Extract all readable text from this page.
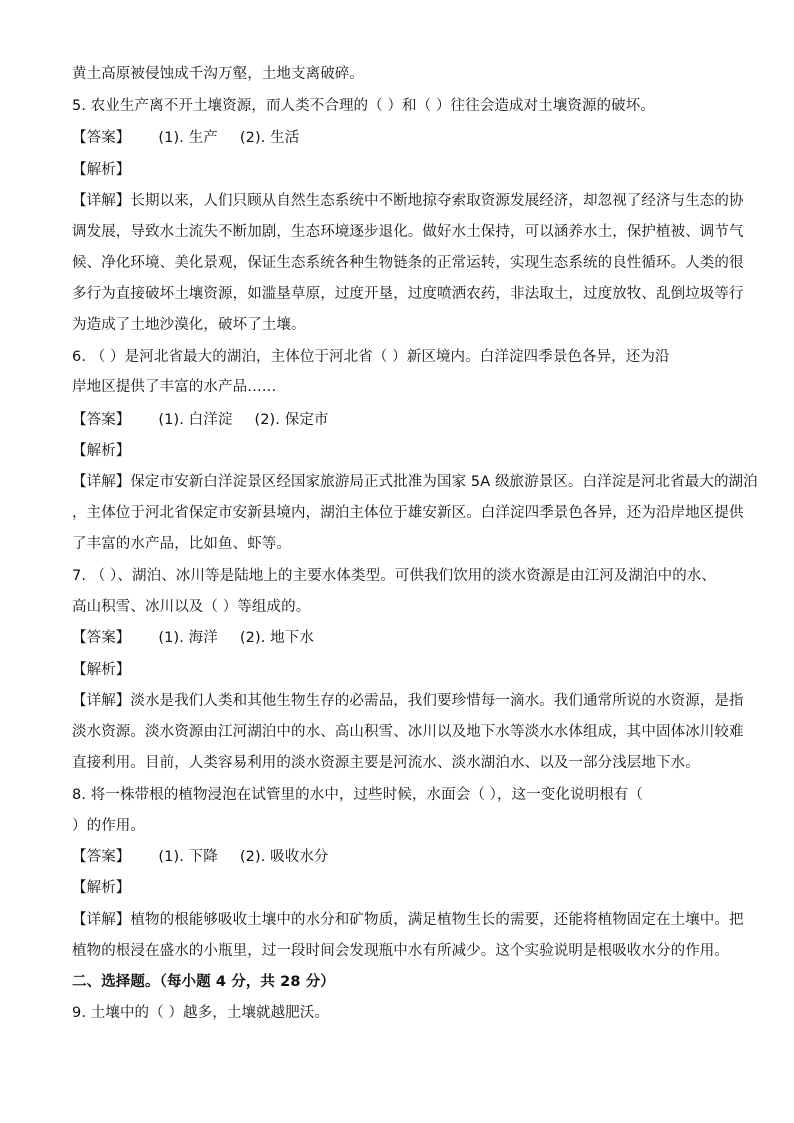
黄土高原被侵蚀成千沟万壑，土地支离破碎。
5. 农业生产离不开土壤资源，而人类不合理的（ ）和（ ）往往会造成对土壤资源的破坏。
【答案】 (1). 生产 (2). 生活
【解析】
【详解】长期以来，人们只顾从自然生态系统中不断地掠夺索取资源发展经济，却忽视了经济与生态的协
调发展，导致水土流失不断加剧，生态环境逐步退化。做好水土保持，可以涵养水土，保护植被、调节气
候、净化环境、美化景观，保证生态系统各种生物链条的正常运转，实现生态系统的良性循环。人类的很
多行为直接破坏土壤资源，如滥垦草原，过度开垦，过度喷洒农药，非法取土，过度放牧、乱倒垃圾等行
为造成了土地沙漠化，破坏了土壤。
6. （ ）是河北省最大的湖泊，主体位于河北省（ ）新区境内。白洋淀四季景色各异，还为沿
岸地区提供了丰富的水产品……
【答案】 (1). 白洋淀 (2). 保定市
【解析】
【详解】保定市安新白洋淀景区经国家旅游局正式批准为国家 5A 级旅游景区。白洋淀是河北省最大的湖泊
，主体位于河北省保定市安新县境内，湖泊主体位于雄安新区。白洋淀四季景色各异，还为沿岸地区提供
了丰富的水产品，比如鱼、虾等。
7. （ ）、湖泊、冰川等是陆地上的主要水体类型。可供我们饮用的淡水资源是由江河及湖泊中的水、
高山积雪、冰川以及（ ）等组成的。
【答案】 (1). 海洋 (2). 地下水
【解析】
【详解】淡水是我们人类和其他生物生存的必需品，我们要珍惜每一滴水。我们通常所说的水资源，是指
淡水资源。淡水资源由江河湖泊中的水、高山积雪、冰川以及地下水等淡水水体组成，其中固体冰川较难
直接利用。目前，人类容易利用的淡水资源主要是河流水、淡水湖泊水、以及一部分浅层地下水。
8. 将一株带根的植物浸泡在试管里的水中，过些时候，水面会（ ），这一变化说明根有（
）的作用。
【答案】 (1). 下降 (2). 吸收水分
【解析】
【详解】植物的根能够吸收土壤中的水分和矿物质，满足植物生长的需要，还能将植物固定在土壤中。把
植物的根浸在盛水的小瓶里，过一段时间会发现瓶中水有所减少。这个实验说明是根吸收水分的作用。
二、选择题。（每小题 4 分，共 28 分）
9. 土壤中的（ ）越多，土壤就越肥沃。
